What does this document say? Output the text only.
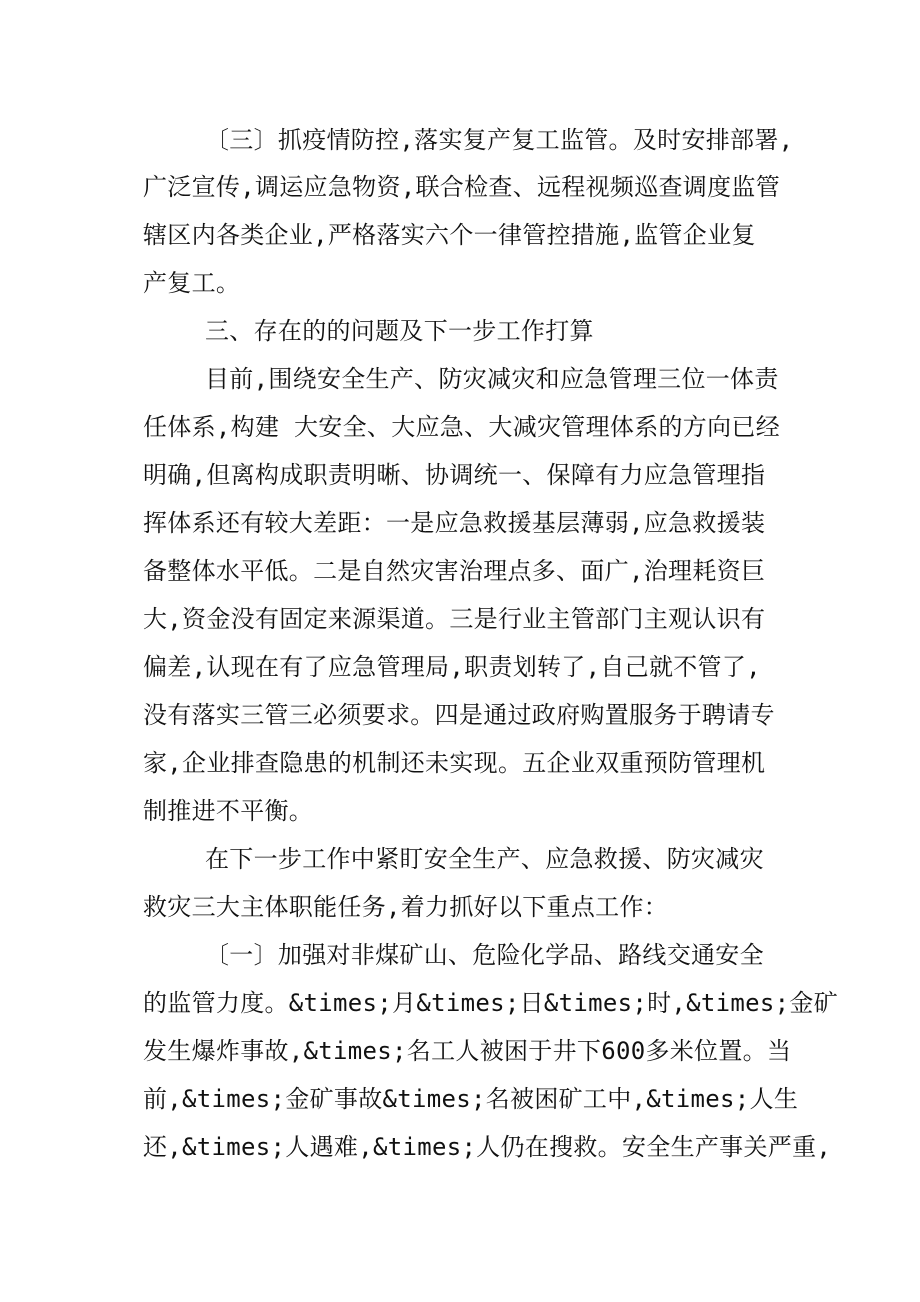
〔三〕抓疫情防控,落实复产复工监管。及时安排部署,
广泛宣传,调运应急物资,联合检查、远程视频巡查调度监管
辖区内各类企业,严格落实六个一律管控措施,监管企业复
产复工。
三、存在的的问题及下一步工作打算
目前,围绕安全生产、防灾减灾和应急管理三位一体责
任体系,构建 大安全、大应急、大减灾管理体系的方向已经
明确,但离构成职责明晰、协调统一、保障有力应急管理指
挥体系还有较大差距：一是应急救援基层薄弱,应急救援装
备整体水平低。二是自然灾害治理点多、面广,治理耗资巨
大,资金没有固定来源渠道。三是行业主管部门主观认识有
偏差,认现在有了应急管理局,职责划转了,自己就不管了,
没有落实三管三必须要求。四是通过政府购置服务于聘请专
家,企业排查隐患的机制还未实现。五企业双重预防管理机
制推进不平衡。
在下一步工作中紧盯安全生产、应急救援、防灾减灾
救灾三大主体职能任务,着力抓好以下重点工作：
〔一〕加强对非煤矿山、危险化学品、路线交通安全
的监管力度。&times;月&times;日&times;时,&times;金矿
发生爆炸事故,&times;名工人被困于井下600多米位置。当
前,&times;金矿事故&times;名被困矿工中,&times;人生
还,&times;人遇难,&times;人仍在搜救。安全生产事关严重,
